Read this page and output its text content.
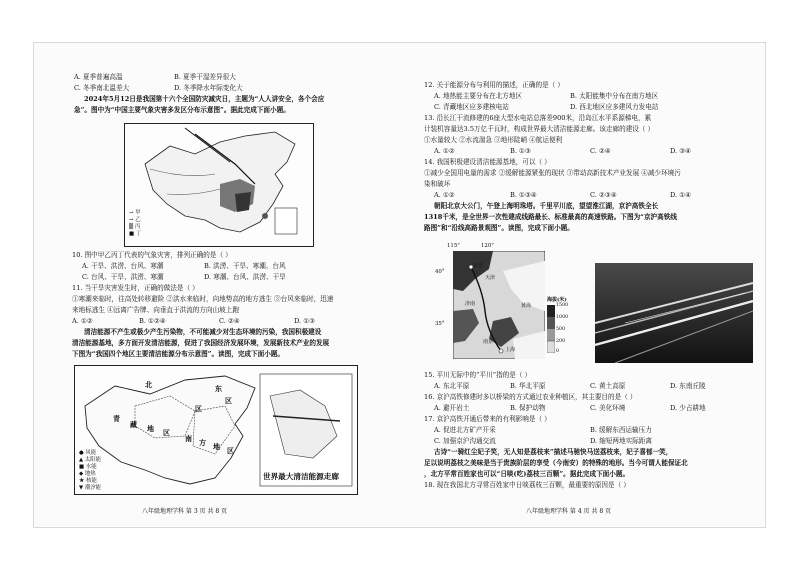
A. 夏季普遍高温	B. 夏季干湿差异很大
C. 冬季南北温差大	D. 冬季降水年际变化大
2024年5月12日是我国第十六个全国防灾减灾日，主题为“人人讲安全，各个会应
急”。图中为“中国主要气象灾害多发区分布示意图”。据此完成下面小题。
→ 甲
→ 乙
▒ 丙
■ 丁
10. 图中甲乙丙丁代表的气象灾害，排列正确的是（ ）
A. 干旱、洪涝、台风、寒潮	B. 洪涝、干旱、寒潮、台风
C. 台风、干旱、洪涝、寒潮	D. 寒潮、台风、洪涝、干旱
11. 当干旱灾害发生时，正确的做法是（ ）
①寒潮来临时，往高处转移避险 ②洪水来临时，向地势高的地方逃生 ③台风来临时，迅速
来地标逃生 ④远离广告牌、向垂直于洪流的方向山坡上跑
A. ①②	B. ①②④	C. ②④	D. ①③
清洁能源不产生或极少产生污染物，不可能减少对生态环境的污染，我国积极建设
清洁能源基地，多方面开发清洁能源，促进了我国经济发展环境，发展新技术产业的发展
下图为“我国四个地区主要清洁能源分布示意图”。读图，完成下面小题。
北	东
区
区
青
藏 地 区
南 方 地 区
● 风能
▲ 太阳能
■ 水能
◆ 地热
★ 核能
▼ 潮汐能
世界最大清洁能源走廊
八年级地理学科 第 3 页 共 8 页
12. 关于能源分布与利用的描述，正确的是（ ）
A. 地热能主要分布在北方地区	B. 太阳能集中分布在南方地区
C. 青藏地区应多建核电站	D. 西北地区应多建风力发电站
13. 沿长江干流修建的6座大型水电站总落差900米，沿岛江水平系源梯电，累
计装机容量达3.5万亿千瓦时，构成世界最大清洁能源走廊。该走廊的建设（ ）
①水量较大 ②水流湍急 ③地形陡峭 ④航运便利
A. ①②	B. ①③	C. ②④	D. ③④
14. 我国积极建设清洁能源基地，可以（ ）
①减少全国用电量的需求 ②缓解能源紧张的现状 ③带动高新技术产业发展 ④减少环境污
染和破坏
A. ①②	B. ①③④	C. ②③④	D. ①④
朝阳北京大公门，午登上海明珠塔。千里平川底，望望淮江湖，京沪高铁全长
1318千米，是全世界一次性建成线路最长、标准最高的高速铁路。下图为“京沪高铁线
路图”和“沿线高路景观图”。读图，完成下面小题。
115°	120°
40°
35°
北京
天津
济南
南京
上海
黄海
海拔(米)
1500
1000
500
200
0
15. 平川无际中的“平川”指的是（ ）
A. 东北平原	B. 华北平原	C. 黄土高原	D. 东南丘陵
16. 京沪高铁修建时多以桥梁的方式通过农业种植区，其主要目的是（ ）
A. 避开岩土	B. 保护动物	C. 美化环境	D. 少占耕地
17. 京沪高铁开通后带来的有利影响是（ ）
A. 促进北方矿产开采	B. 缓解东西运输压力
C. 加强京沪沟通交流	D. 缩短两地实际距离
古诗“一骑红尘妃子笑，无人知是荔枝来”描述马驰快马送荔枝来，妃子喜郁一笑，
足以说明荔枝之美味是当于贵族阶层的享受（今南安）的特殊的地形。当今可谓人能保证北
，北方平常百姓家也可以“日啖(吃)荔枝三百颗”。据此完成下面小题。
18. 现在我国北方寻常百姓家中日啖荔枝三百颗，最重要的原因是（ ）
八年级地理学科 第 4 页 共 8 页
